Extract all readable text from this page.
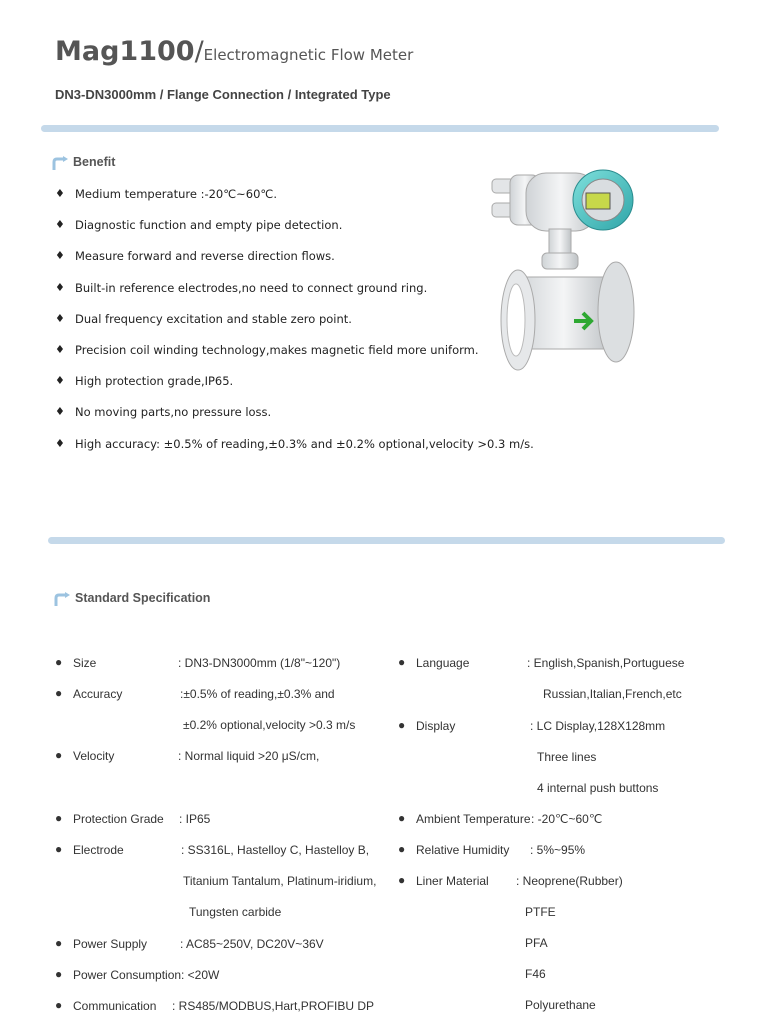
Mag1100/Electromagnetic Flow Meter
DN3-DN3000mm / Flange Connection / Integrated Type
Benefit
♦ Medium temperature :-20℃~60℃.
♦ Diagnostic function and empty pipe detection.
♦ Measure forward and reverse direction flows.
♦ Built-in reference electrodes,no need to connect ground ring.
♦ Dual frequency excitation and stable zero point.
♦ Precision coil winding technology,makes magnetic field more uniform.
♦ High protection grade,IP65.
♦ No moving parts,no pressure loss.
♦ High accuracy: ±0.5% of reading,±0.3% and ±0.2% optional,velocity >0.3 m/s.
Standard Specification
● Size	: DN3-DN3000mm (1/8"~120")
● Accuracy	:±0.5% of reading,±0.3% and
±0.2% optional,velocity >0.3 m/s
● Velocity	: Normal liquid >20 μS/cm,
● Protection Grade : IP65
● Electrode	: SS316L, Hastelloy C, Hastelloy B,
Titanium Tantalum, Platinum-iridium,
Tungsten carbide
● Power Supply	: AC85~250V, DC20V~36V
● Power Consumption : <20W
● Communication : RS485/MODBUS,Hart,PROFIBU DP
● Language	: English,Spanish,Portuguese
Russian,Italian,French,etc
● Display	: LC Display,128X128mm
Three lines
4 internal push buttons
● Ambient Temperature : -20℃~60℃
● Relative Humidity : 5%~95%
● Liner Material : Neoprene(Rubber)
PTFE
PFA
F46
Polyurethane
